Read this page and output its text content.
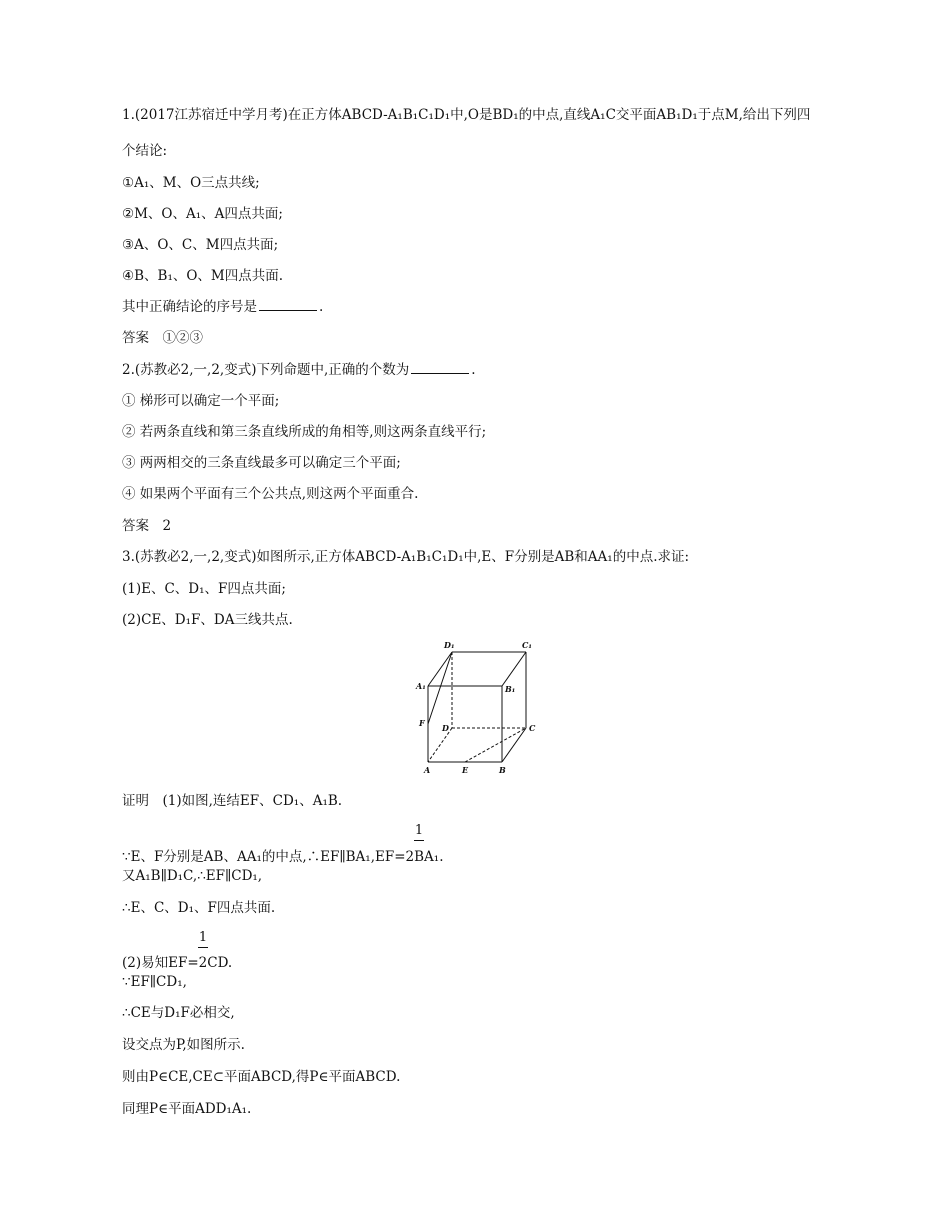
1.(2017江苏宿迁中学月考)在正方体ABCD-A₁B₁C₁D₁中,O是BD₁的中点,直线A₁C交平面AB₁D₁于点M,给出下列四
个结论:
①A₁、M、O三点共线;
②M、O、A₁、A四点共面;
③A、O、C、M四点共面;
④B、B₁、O、M四点共面.
其中正确结论的序号是	.
答案　①②③
2.(苏教必2,一,2,变式)下列命题中,正确的个数为	.
① 梯形可以确定一个平面;
② 若两条直线和第三条直线所成的角相等,则这两条直线平行;
③ 两两相交的三条直线最多可以确定三个平面;
④ 如果两个平面有三个公共点,则这两个平面重合.
答案　2
3.(苏教必2,一,2,变式)如图所示,正方体ABCD-A₁B₁C₁D₁中,E、F分别是AB和AA₁的中点.求证:
(1)E、C、D₁、F四点共面;
(2)CE、D₁F、DA三线共点.
D₁	C₁
A₁	B₁
F D	C
A	E	B
证明　(1)如图,连结EF、CD₁、A₁B.
1
∵E、F分别是AB、AA₁的中点,∴EF∥BA₁,EF=2BA₁.
又A₁B∥D₁C,∴EF∥CD₁,
∴E、C、D₁、F四点共面.
1
(2)易知EF=2CD.
∵EF∥CD₁,
∴CE与D₁F必相交,
设交点为P,如图所示.
则由P∈CE,CE⊂平面ABCD,得P∈平面ABCD.
同理P∈平面ADD₁A₁.
